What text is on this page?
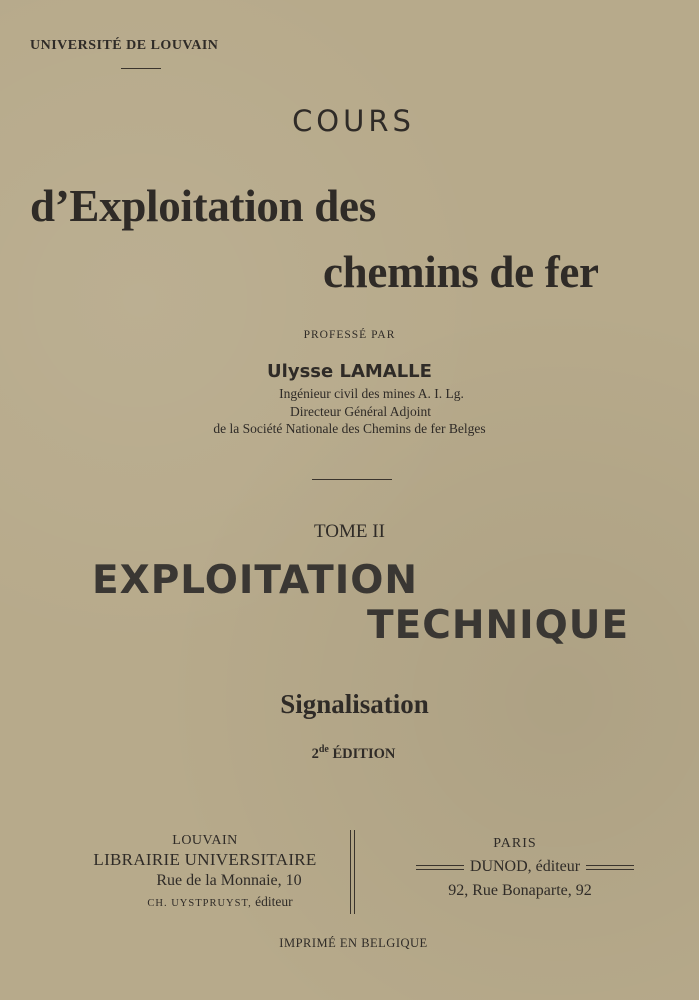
UNIVERSITÉ DE LOUVAIN
COURS
d’Exploitation des
chemins de fer
PROFESSÉ PAR
Ulysse LAMALLE
Ingénieur civil des mines A. I. Lg.
Directeur Général Adjoint
de la Société Nationale des Chemins de fer Belges
TOME II
EXPLOITATION
TECHNIQUE
Signalisation
2de ÉDITION
LOUVAIN
LIBRAIRIE UNIVERSITAIRE
Rue de la Monnaie, 10
CH. UYSTPRUYST, éditeur
PARIS
DUNOD, éditeur
92, Rue Bonaparte, 92
IMPRIMÉ EN BELGIQUE
